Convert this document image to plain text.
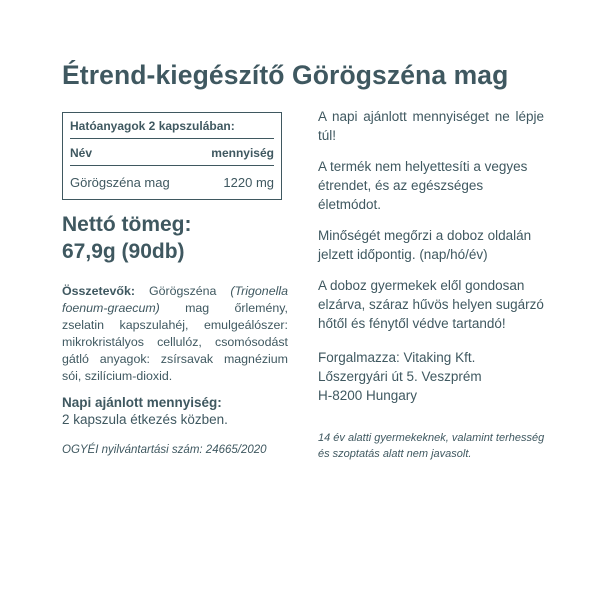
Étrend-kiegészítő Görögszéna mag
Hatóanyagok 2 kapszulában:
Név	mennyiség
Görögszéna mag	1220 mg
Nettó tömeg:
67,9g (90db)
Összetevők: Görögszéna (Trigonella foenum-graecum) mag őrlemény, zselatin kapszulahéj, emulgeálószer: mikrokristályos cellulóz, csomósodást gátló anyagok: zsírsavak magnézium sói, szilícium-dioxid.
Napi ajánlott mennyiség:
2 kapszula étkezés közben.
OGYÉI nyilvántartási szám: 24665/2020

A napi ajánlott mennyiséget ne lépje túl!

A termék nem helyettesíti a vegyes étrendet, és az egészséges életmódot.

Minőségét megőrzi a doboz oldalán jelzett időpontig. (nap/hó/év)

A doboz gyermekek elől gondosan elzárva, száraz hűvös helyen sugárzó hőtől és fénytől védve tartandó!

Forgalmazza: Vitaking Kft.
Lőszergyári út 5. Veszprém
H-8200 Hungary

14 év alatti gyermekeknek, valamint terhesség és szoptatás alatt nem javasolt.
